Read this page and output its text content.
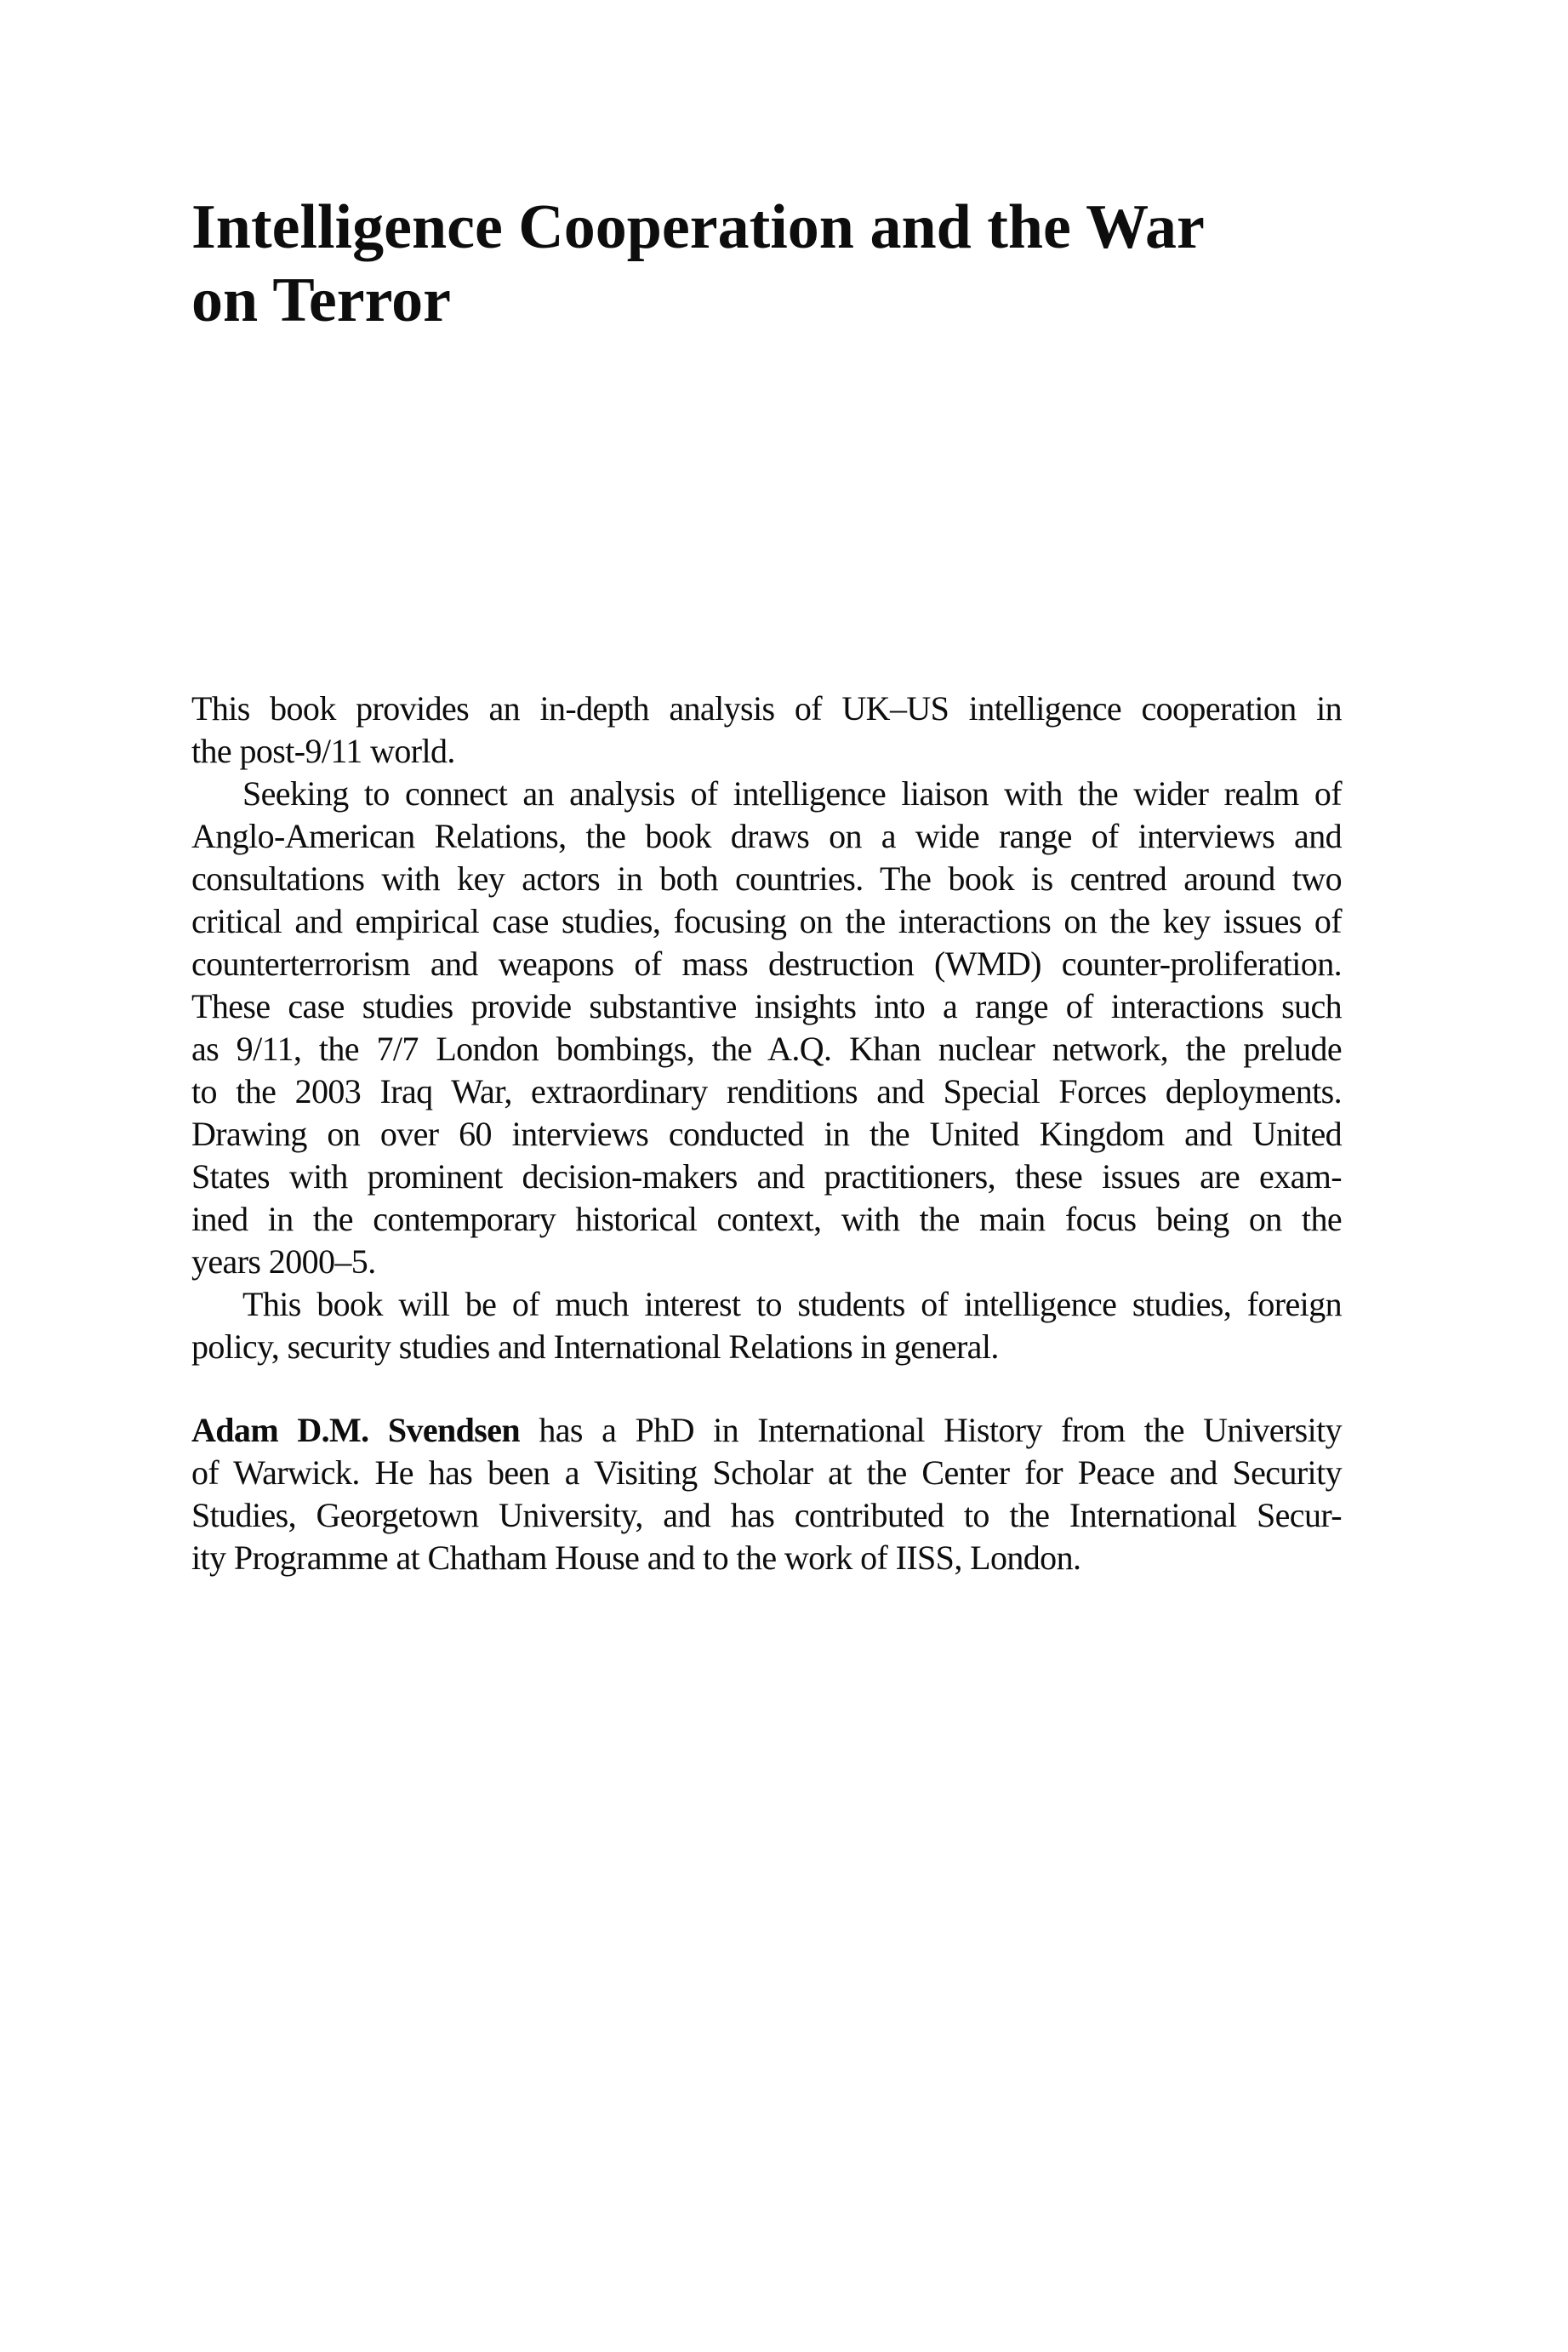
Intelligence Cooperation and the War
on Terror
This book provides an in-depth analysis of UK–US intelligence cooperation in
the post-9/11 world.
Seeking to connect an analysis of intelligence liaison with the wider realm of
Anglo-American Relations, the book draws on a wide range of interviews and
consultations with key actors in both countries. The book is centred around two
critical and empirical case studies, focusing on the interactions on the key issues of
counterterrorism and weapons of mass destruction (WMD) counter-proliferation.
These case studies provide substantive insights into a range of interactions such
as 9/11, the 7/7 London bombings, the A.Q. Khan nuclear network, the prelude
to the 2003 Iraq War, extraordinary renditions and Special Forces deployments.
Drawing on over 60 interviews conducted in the United Kingdom and United
States with prominent decision-makers and practitioners, these issues are exam-
ined in the contemporary historical context, with the main focus being on the
years 2000–5.
This book will be of much interest to students of intelligence studies, foreign
policy, security studies and International Relations in general.
Adam D.M. Svendsen has a PhD in International History from the University
of Warwick. He has been a Visiting Scholar at the Center for Peace and Security
Studies, Georgetown University, and has contributed to the International Secur-
ity Programme at Chatham House and to the work of IISS, London.
